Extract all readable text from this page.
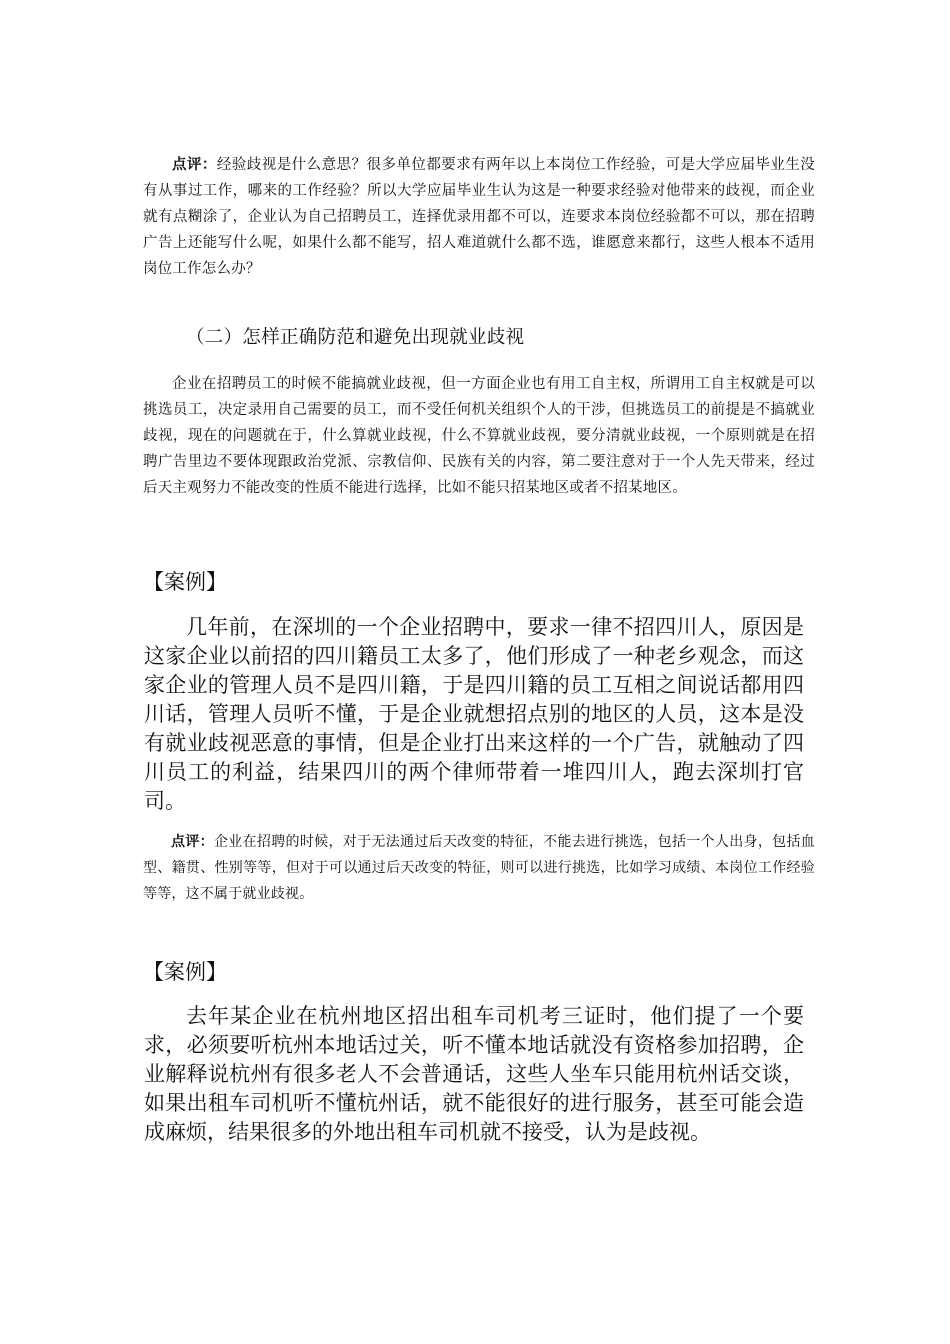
点评：经验歧视是什么意思？很多单位都要求有两年以上本岗位工作经验，可是大学应届毕业生没有从事过工作，哪来的工作经验？所以大学应届毕业生认为这是一种要求经验对他带来的歧视，而企业就有点糊涂了，企业认为自己招聘员工，连择优录用都不可以，连要求本岗位经验都不可以，那在招聘广告上还能写什么呢，如果什么都不能写，招人难道就什么都不选，谁愿意来都行，这些人根本不适用岗位工作怎么办？
（二）怎样正确防范和避免出现就业歧视
企业在招聘员工的时候不能搞就业歧视，但一方面企业也有用工自主权，所谓用工自主权就是可以挑选员工，决定录用自己需要的员工，而不受任何机关组织个人的干涉，但挑选员工的前提是不搞就业歧视，现在的问题就在于，什么算就业歧视，什么不算就业歧视，要分清就业歧视，一个原则就是在招聘广告里边不要体现跟政治党派、宗教信仰、民族有关的内容，第二要注意对于一个人先天带来，经过后天主观努力不能改变的性质不能进行选择，比如不能只招某地区或者不招某地区。
【案例】
几年前，在深圳的一个企业招聘中，要求一律不招四川人，原因是这家企业以前招的四川籍员工太多了，他们形成了一种老乡观念，而这家企业的管理人员不是四川籍，于是四川籍的员工互相之间说话都用四川话，管理人员听不懂，于是企业就想招点别的地区的人员，这本是没有就业歧视恶意的事情，但是企业打出来这样的一个广告，就触动了四川员工的利益，结果四川的两个律师带着一堆四川人，跑去深圳打官司。
点评：企业在招聘的时候，对于无法通过后天改变的特征，不能去进行挑选，包括一个人出身，包括血型、籍贯、性别等等，但对于可以通过后天改变的特征，则可以进行挑选，比如学习成绩、本岗位工作经验等等，这不属于就业歧视。
【案例】
去年某企业在杭州地区招出租车司机考三证时，他们提了一个要求，必须要听杭州本地话过关，听不懂本地话就没有资格参加招聘，企业解释说杭州有很多老人不会普通话，这些人坐车只能用杭州话交谈，如果出租车司机听不懂杭州话，就不能很好的进行服务，甚至可能会造成麻烦，结果很多的外地出租车司机就不接受，认为是歧视。
